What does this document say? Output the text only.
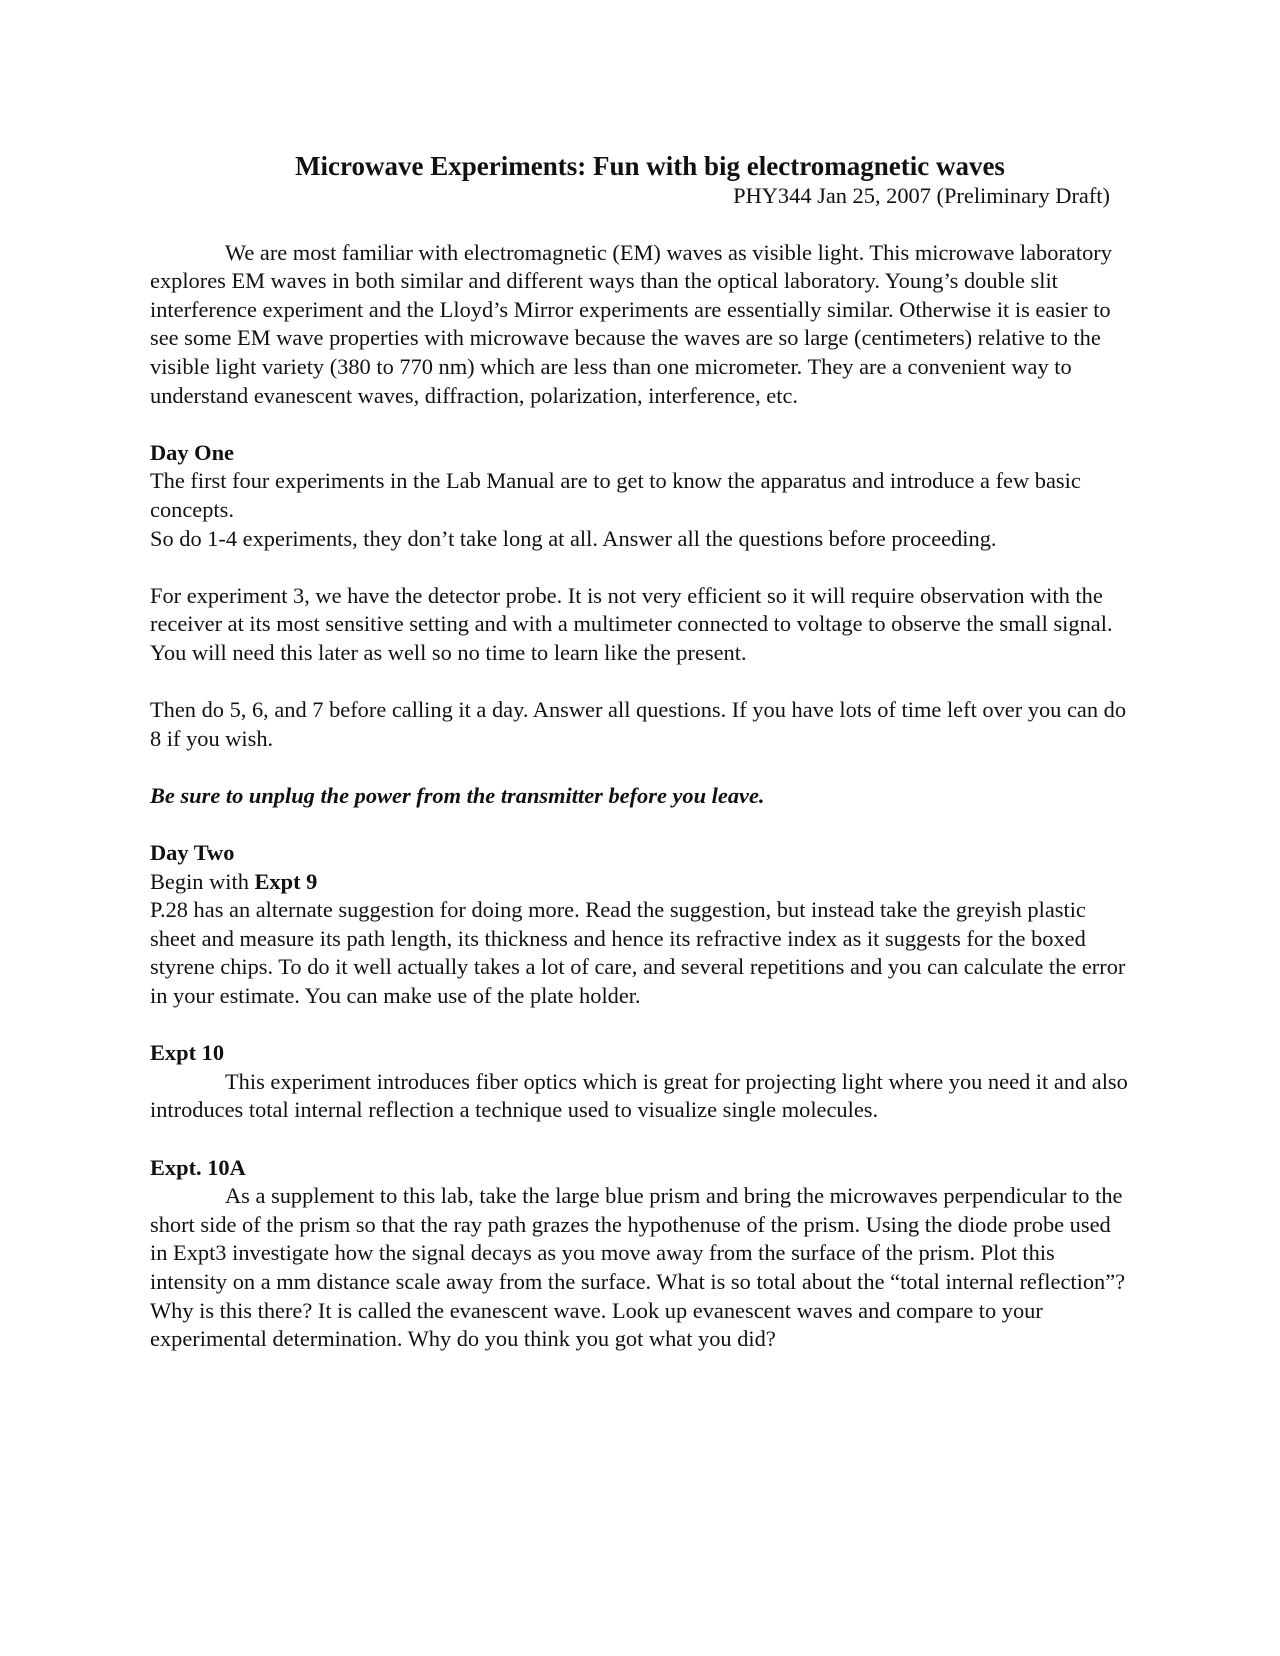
Microwave Experiments: Fun with big electromagnetic waves
PHY344 Jan 25, 2007 (Preliminary Draft)

We are most familiar with electromagnetic (EM) waves as visible light. This microwave laboratory explores EM waves in both similar and different ways than the optical laboratory. Young’s double slit interference experiment and the Lloyd’s Mirror experiments are essentially similar. Otherwise it is easier to see some EM wave properties with microwave because the waves are so large (centimeters) relative to the visible light variety (380 to 770 nm) which are less than one micrometer. They are a convenient way to understand evanescent waves, diffraction, polarization, interference, etc.

Day One

The first four experiments in the Lab Manual are to get to know the apparatus and introduce a few basic concepts.

So do 1-4 experiments, they don’t take long at all. Answer all the questions before proceeding.

For experiment 3, we have the detector probe. It is not very efficient so it will require observation with the receiver at its most sensitive setting and with a multimeter connected to voltage to observe the small signal. You will need this later as well so no time to learn like the present.

Then do 5, 6, and 7 before calling it a day. Answer all questions. If you have lots of time left over you can do 8 if you wish.

Be sure to unplug the power from the transmitter before you leave.

Day Two
Begin with Expt 9

P.28 has an alternate suggestion for doing more. Read the suggestion, but instead take the greyish plastic sheet and measure its path length, its thickness and hence its refractive index as it suggests for the boxed styrene chips. To do it well actually takes a lot of care, and several repetitions and you can calculate the error in your estimate. You can make use of the plate holder.

Expt 10

This experiment introduces fiber optics which is great for projecting light where you need it and also introduces total internal reflection a technique used to visualize single molecules.

Expt. 10A

As a supplement to this lab, take the large blue prism and bring the microwaves perpendicular to the short side of the prism so that the ray path grazes the hypothenuse of the prism. Using the diode probe used in Expt3 investigate how the signal decays as you move away from the surface of the prism. Plot this intensity on a mm distance scale away from the surface. What is so total about the “total internal reflection”? Why is this there? It is called the evanescent wave. Look up evanescent waves and compare to your experimental determination. Why do you think you got what you did?
